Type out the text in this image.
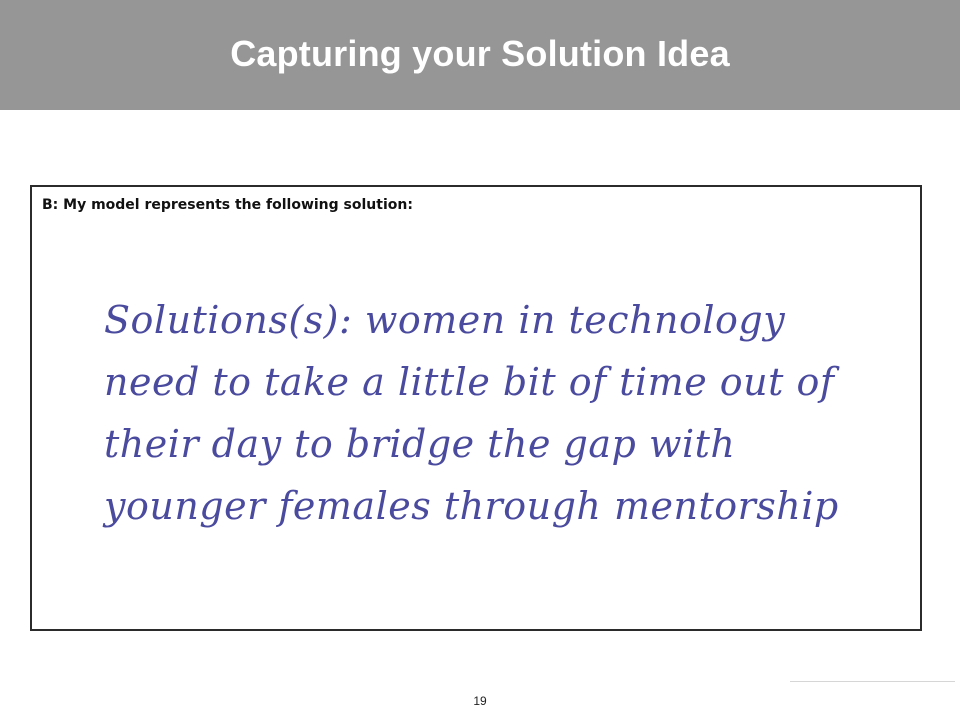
Capturing your Solution Idea
B: My model represents the following solution:
Solutions(s): women in technology
need to take a little bit of time out of
their day to bridge the gap with
younger females through mentorship
19
